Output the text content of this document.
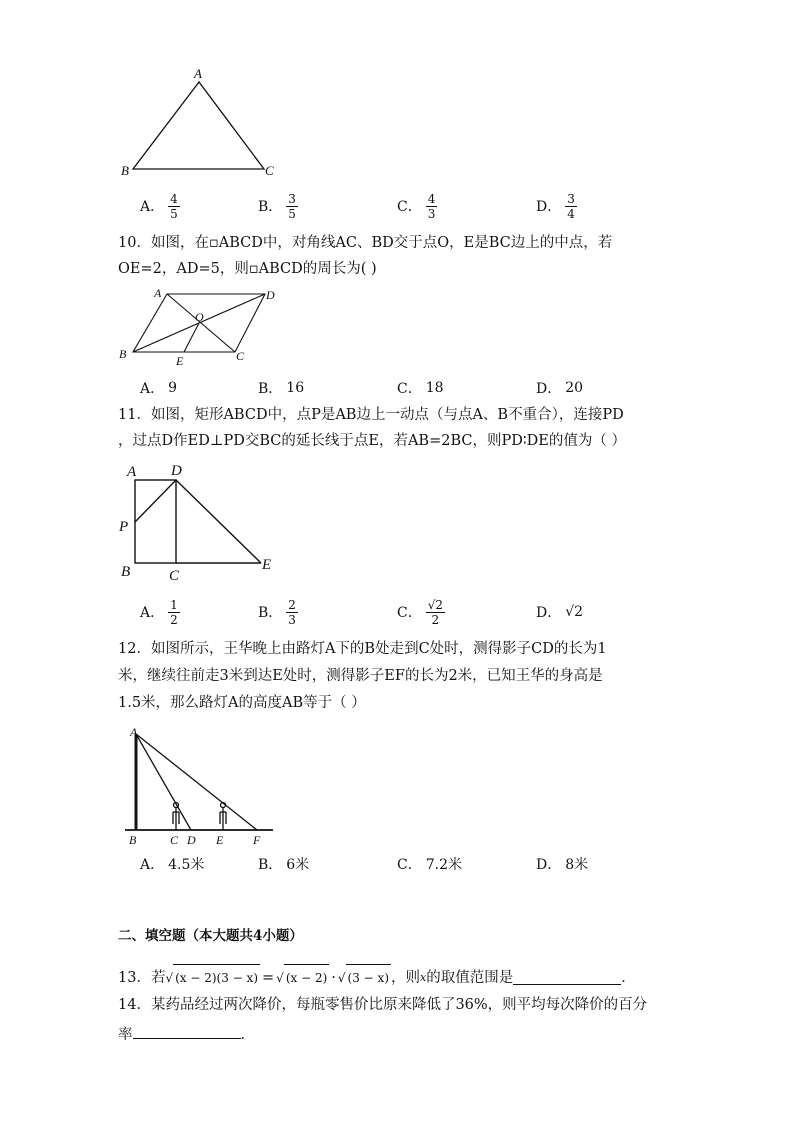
A
B	C
A． $\frac{4}{5}$	B． $\frac{3}{5}$	C． $\frac{4}{3}$	D． $\frac{3}{4}$
10．如图，在▫ABCD中，对角线AC、BD交于点O，E是BC边上的中点，若
OE=2，AD=5，则▫ABCD的周长为( )
A	D
O
B	E	C
A． 9	B． 16	C． 18	D． 20
11．如图，矩形ABCD中，点P是AB边上一动点（与点A、B不重合），连接PD
，过点D作ED⊥PD交BC的延长线于点E，若AB=2BC，则PD∶DE的值为（ ）
A D
P
B	C
E
A． $\frac{1}{2}$	B． $\frac{2}{3}$	C． $\frac{√2}{2}$	D． √2
12．如图所示，王华晚上由路灯A下的B处走到C处时，测得影子CD的长为1
米，继续往前走3米到达E处时，测得影子EF的长为2米，已知王华的身高是
1.5米，那么路灯A的高度AB等于（ ）
A
B	C D E F
A． 4.5米	B． 6米	C． 7.2米	D． 8米
二、填空题（本大题共4小题）
13．若 √ (x − 2)(3 − x) = √ (x − 2) · √ (3 − x) ，则 x 的取值范围是	．
14．某药品经过两次降价，每瓶零售价比原来降低了36%，则平均每次降价的百分
率	．
